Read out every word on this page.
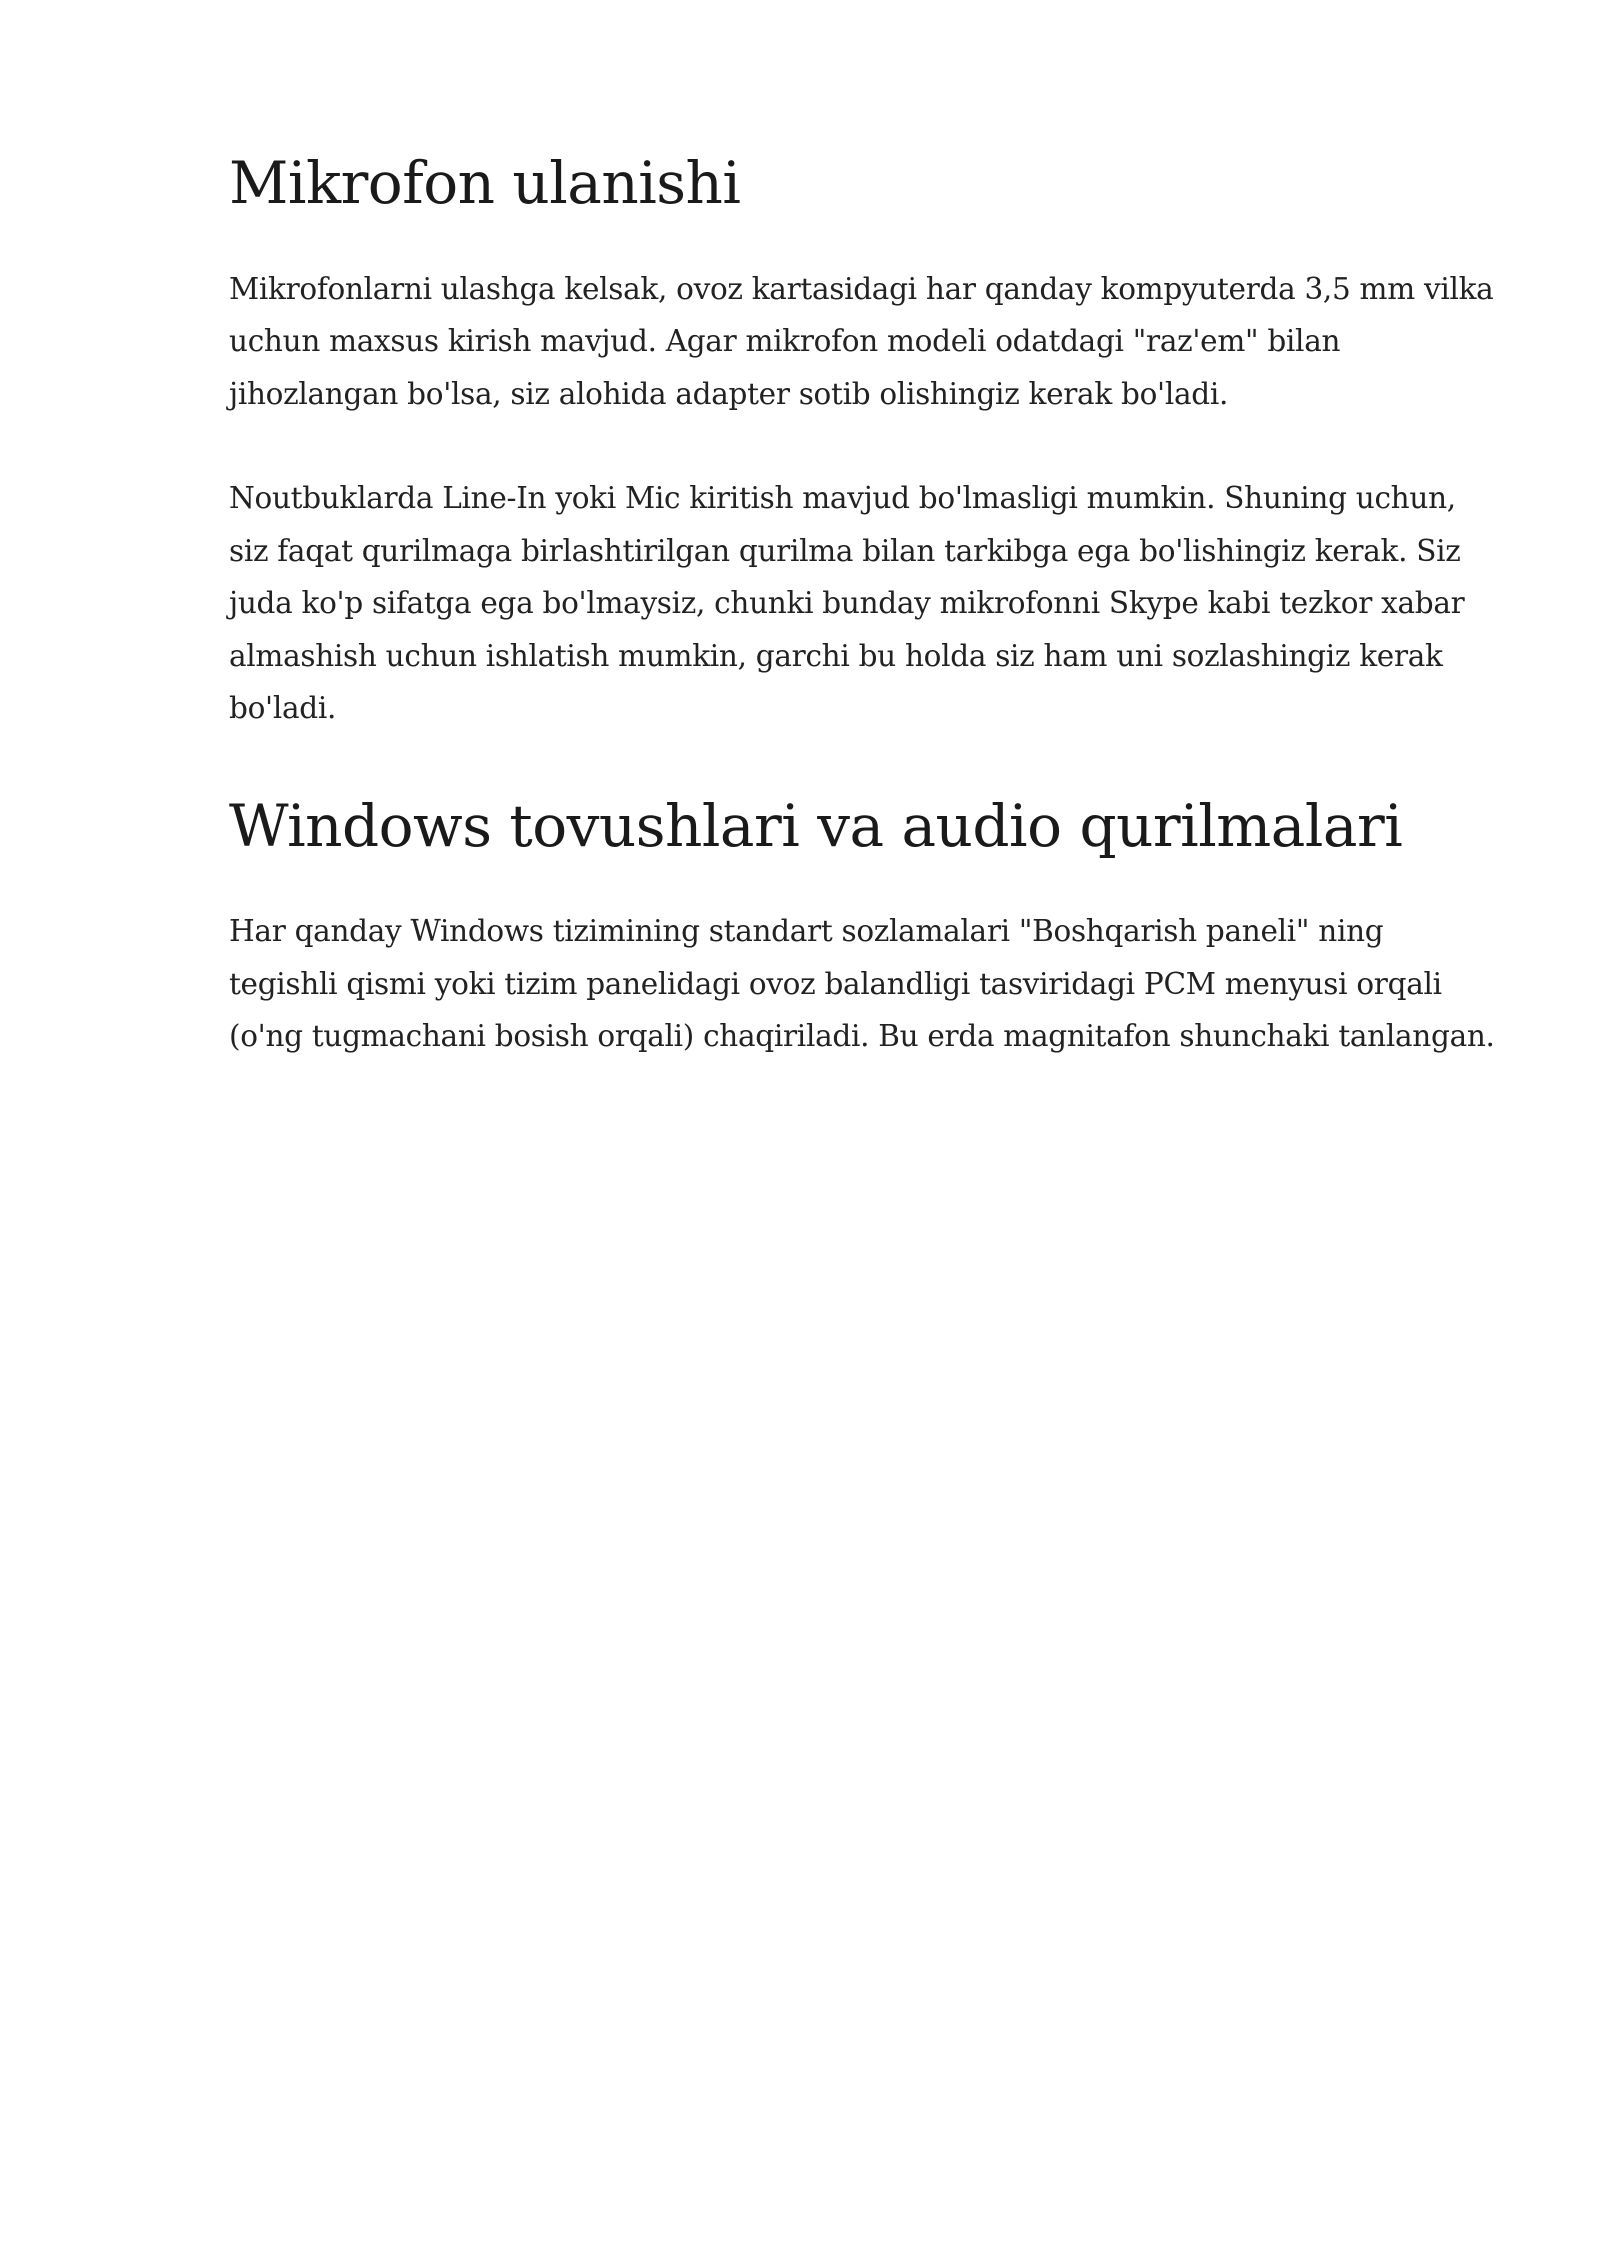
Mikrofon ulanishi

Mikrofonlarni ulashga kelsak, ovoz kartasidagi har qanday kompyuterda 3,5 mm vilka uchun maxsus kirish mavjud. Agar mikrofon modeli odatdagi "raz'em" bilan jihozlangan bo'lsa, siz alohida adapter sotib olishingiz kerak bo'ladi.

Noutbuklarda Line-In yoki Mic kiritish mavjud bo'lmasligi mumkin. Shuning uchun, siz faqat qurilmaga birlashtirilgan qurilma bilan tarkibga ega bo'lishingiz kerak. Siz juda ko'p sifatga ega bo'lmaysiz, chunki bunday mikrofonni Skype kabi tezkor xabar almashish uchun ishlatish mumkin, garchi bu holda siz ham uni sozlashingiz kerak bo'ladi.

Windows tovushlari va audio qurilmalari

Har qanday Windows tizimining standart sozlamalari "Boshqarish paneli" ning tegishli qismi yoki tizim panelidagi ovoz balandligi tasviridagi PCM menyusi orqali (o'ng tugmachani bosish orqali) chaqiriladi. Bu erda magnitafon shunchaki tanlangan.
